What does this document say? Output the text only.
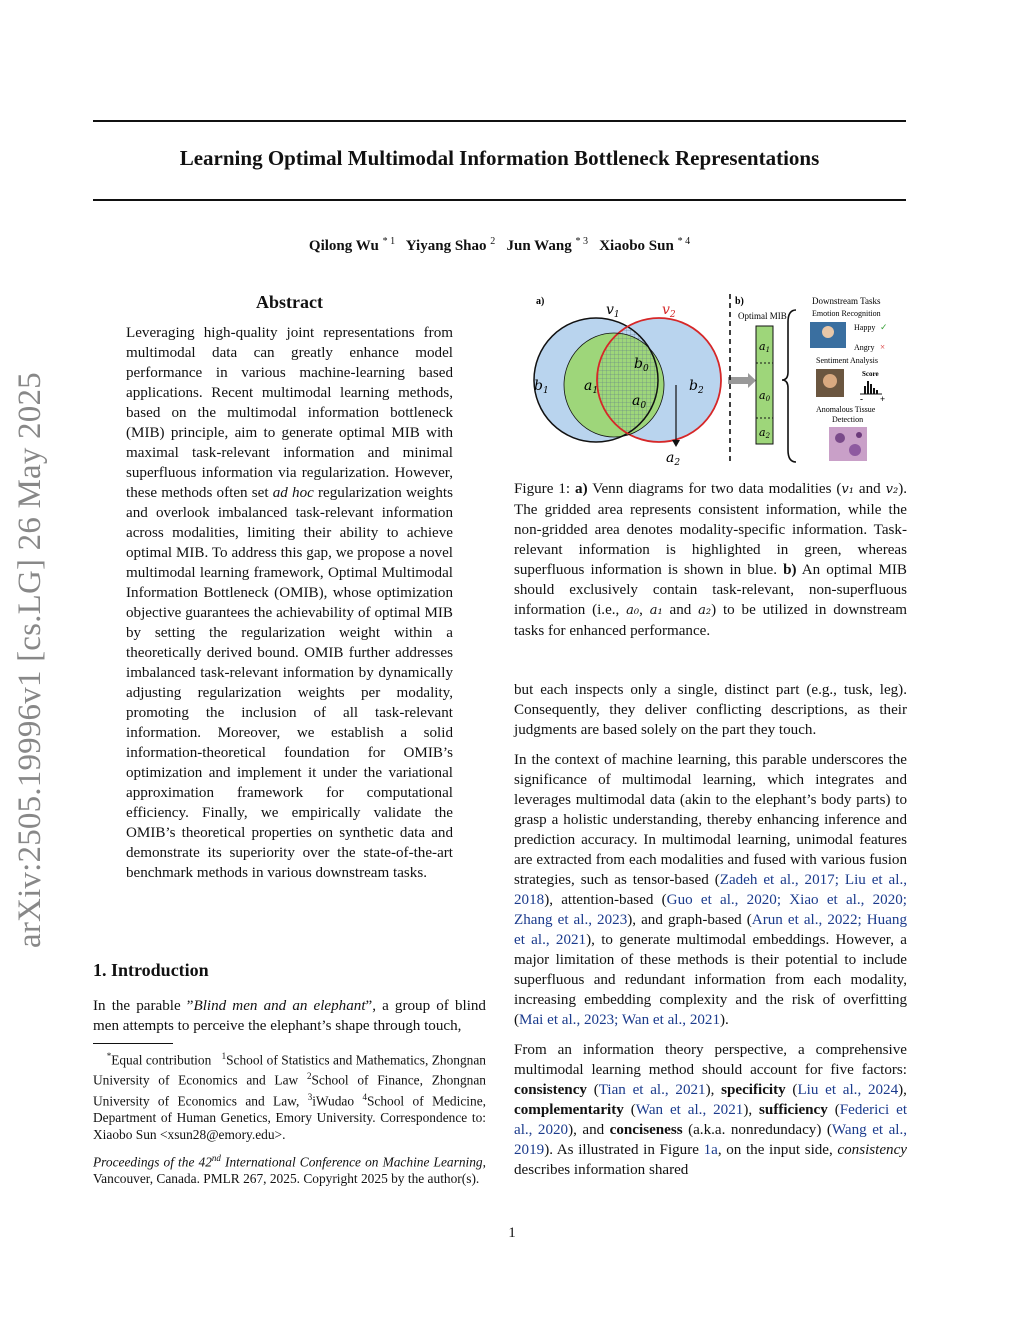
arXiv:2505.19996v1 [cs.LG] 26 May 2025
Learning Optimal Multimodal Information Bottleneck Representations
Qilong Wu $^{* 1}$ Yiyang Shao $^2$ Jun Wang $^{* 3}$ Xiaobo Sun $^{* 4}$
Abstract
Leveraging high-quality joint representations from multimodal data can greatly enhance model performance in various machine-learning based applications. Recent multimodal learning methods, based on the multimodal information bottleneck (MIB) principle, aim to generate optimal MIB with maximal task-relevant information and minimal superfluous information via regularization. However, these methods often set ad hoc regularization weights and overlook imbalanced task-relevant information across modalities, limiting their ability to achieve optimal MIB. To address this gap, we propose a novel multimodal learning framework, Optimal Multimodal Information Bottleneck (OMIB), whose optimization objective guarantees the achievability of optimal MIB by setting the regularization weight within a theoretically derived bound. OMIB further addresses imbalanced task-relevant information by dynamically adjusting regularization weights per modality, promoting the inclusion of all task-relevant information. Moreover, we establish a solid information-theoretical foundation for OMIB’s optimization and implement it under the variational approximation framework for computational efficiency. Finally, we empirically validate the OMIB’s theoretical properties on synthetic data and demonstrate its superiority over the state-of-the-art benchmark methods in various downstream tasks.
1. Introduction
In the parable ”Blind men and an elephant”, a group of blind men attempts to perceive the elephant’s shape through touch,
*Equal contribution $^1$School of Statistics and Mathematics, Zhongnan University of Economics and Law $^2$School of Finance, Zhongnan University of Economics and Law, $^3$iWudao $^4$School of Medicine, Department of Human Genetics, Emory University. Correspondence to: Xiaobo Sun <xsun28@emory.edu>.
Proceedings of the 42nd International Conference on Machine Learning, Vancouver, Canada. PMLR 267, 2025. Copyright 2025 by the author(s).
a)
$v_1$	$v_2$
$b_1$	$a_1$
$b_0$
$a_0$
$b_2$
$a_2$
b)
Optimal MIB
a1
a0
a2
Downstream Tasks
Emotion Recognition
Happy ✓
Angry ×
Sentiment Analysis
Score
- +
Anomalous Tissue
Detection
Figure 1: a) Venn diagrams for two data modalities (v₁ and v₂). The gridded area represents consistent information, while the non-gridded area denotes modality-specific information. Task-relevant information is highlighted in green, whereas superfluous information is shown in blue. b) An optimal MIB should exclusively contain task-relevant, non-superfluous information (i.e., a₀, a₁ and a₂) to be utilized in downstream tasks for enhanced performance.

but each inspects only a single, distinct part (e.g., tusk, leg). Consequently, they deliver conflicting descriptions, as their judgments are based solely on the part they touch.

In the context of machine learning, this parable underscores the significance of multimodal learning, which integrates and leverages multimodal data (akin to the elephant’s body parts) to grasp a holistic understanding, thereby enhancing inference and prediction accuracy. In multimodal learning, unimodal features are extracted from each modalities and fused with various fusion strategies, such as tensor-based (Zadeh et al., 2017; Liu et al., 2018), attention-based (Guo et al., 2020; Xiao et al., 2020; Zhang et al., 2023), and graph-based (Arun et al., 2022; Huang et al., 2021), to generate multimodal embeddings. However, a major limitation of these methods is their potential to include superfluous and redundant information from each modality, increasing embedding complexity and the risk of overfitting (Mai et al., 2023; Wan et al., 2021).

From an information theory perspective, a comprehensive multimodal learning method should account for five factors: consistency (Tian et al., 2021), specificity (Liu et al., 2024), complementarity (Wan et al., 2021), sufficiency (Federici et al., 2020), and conciseness (a.k.a. nonredundacy) (Wang et al., 2019). As illustrated in Figure 1a, on the input side, consistency describes information shared

1
